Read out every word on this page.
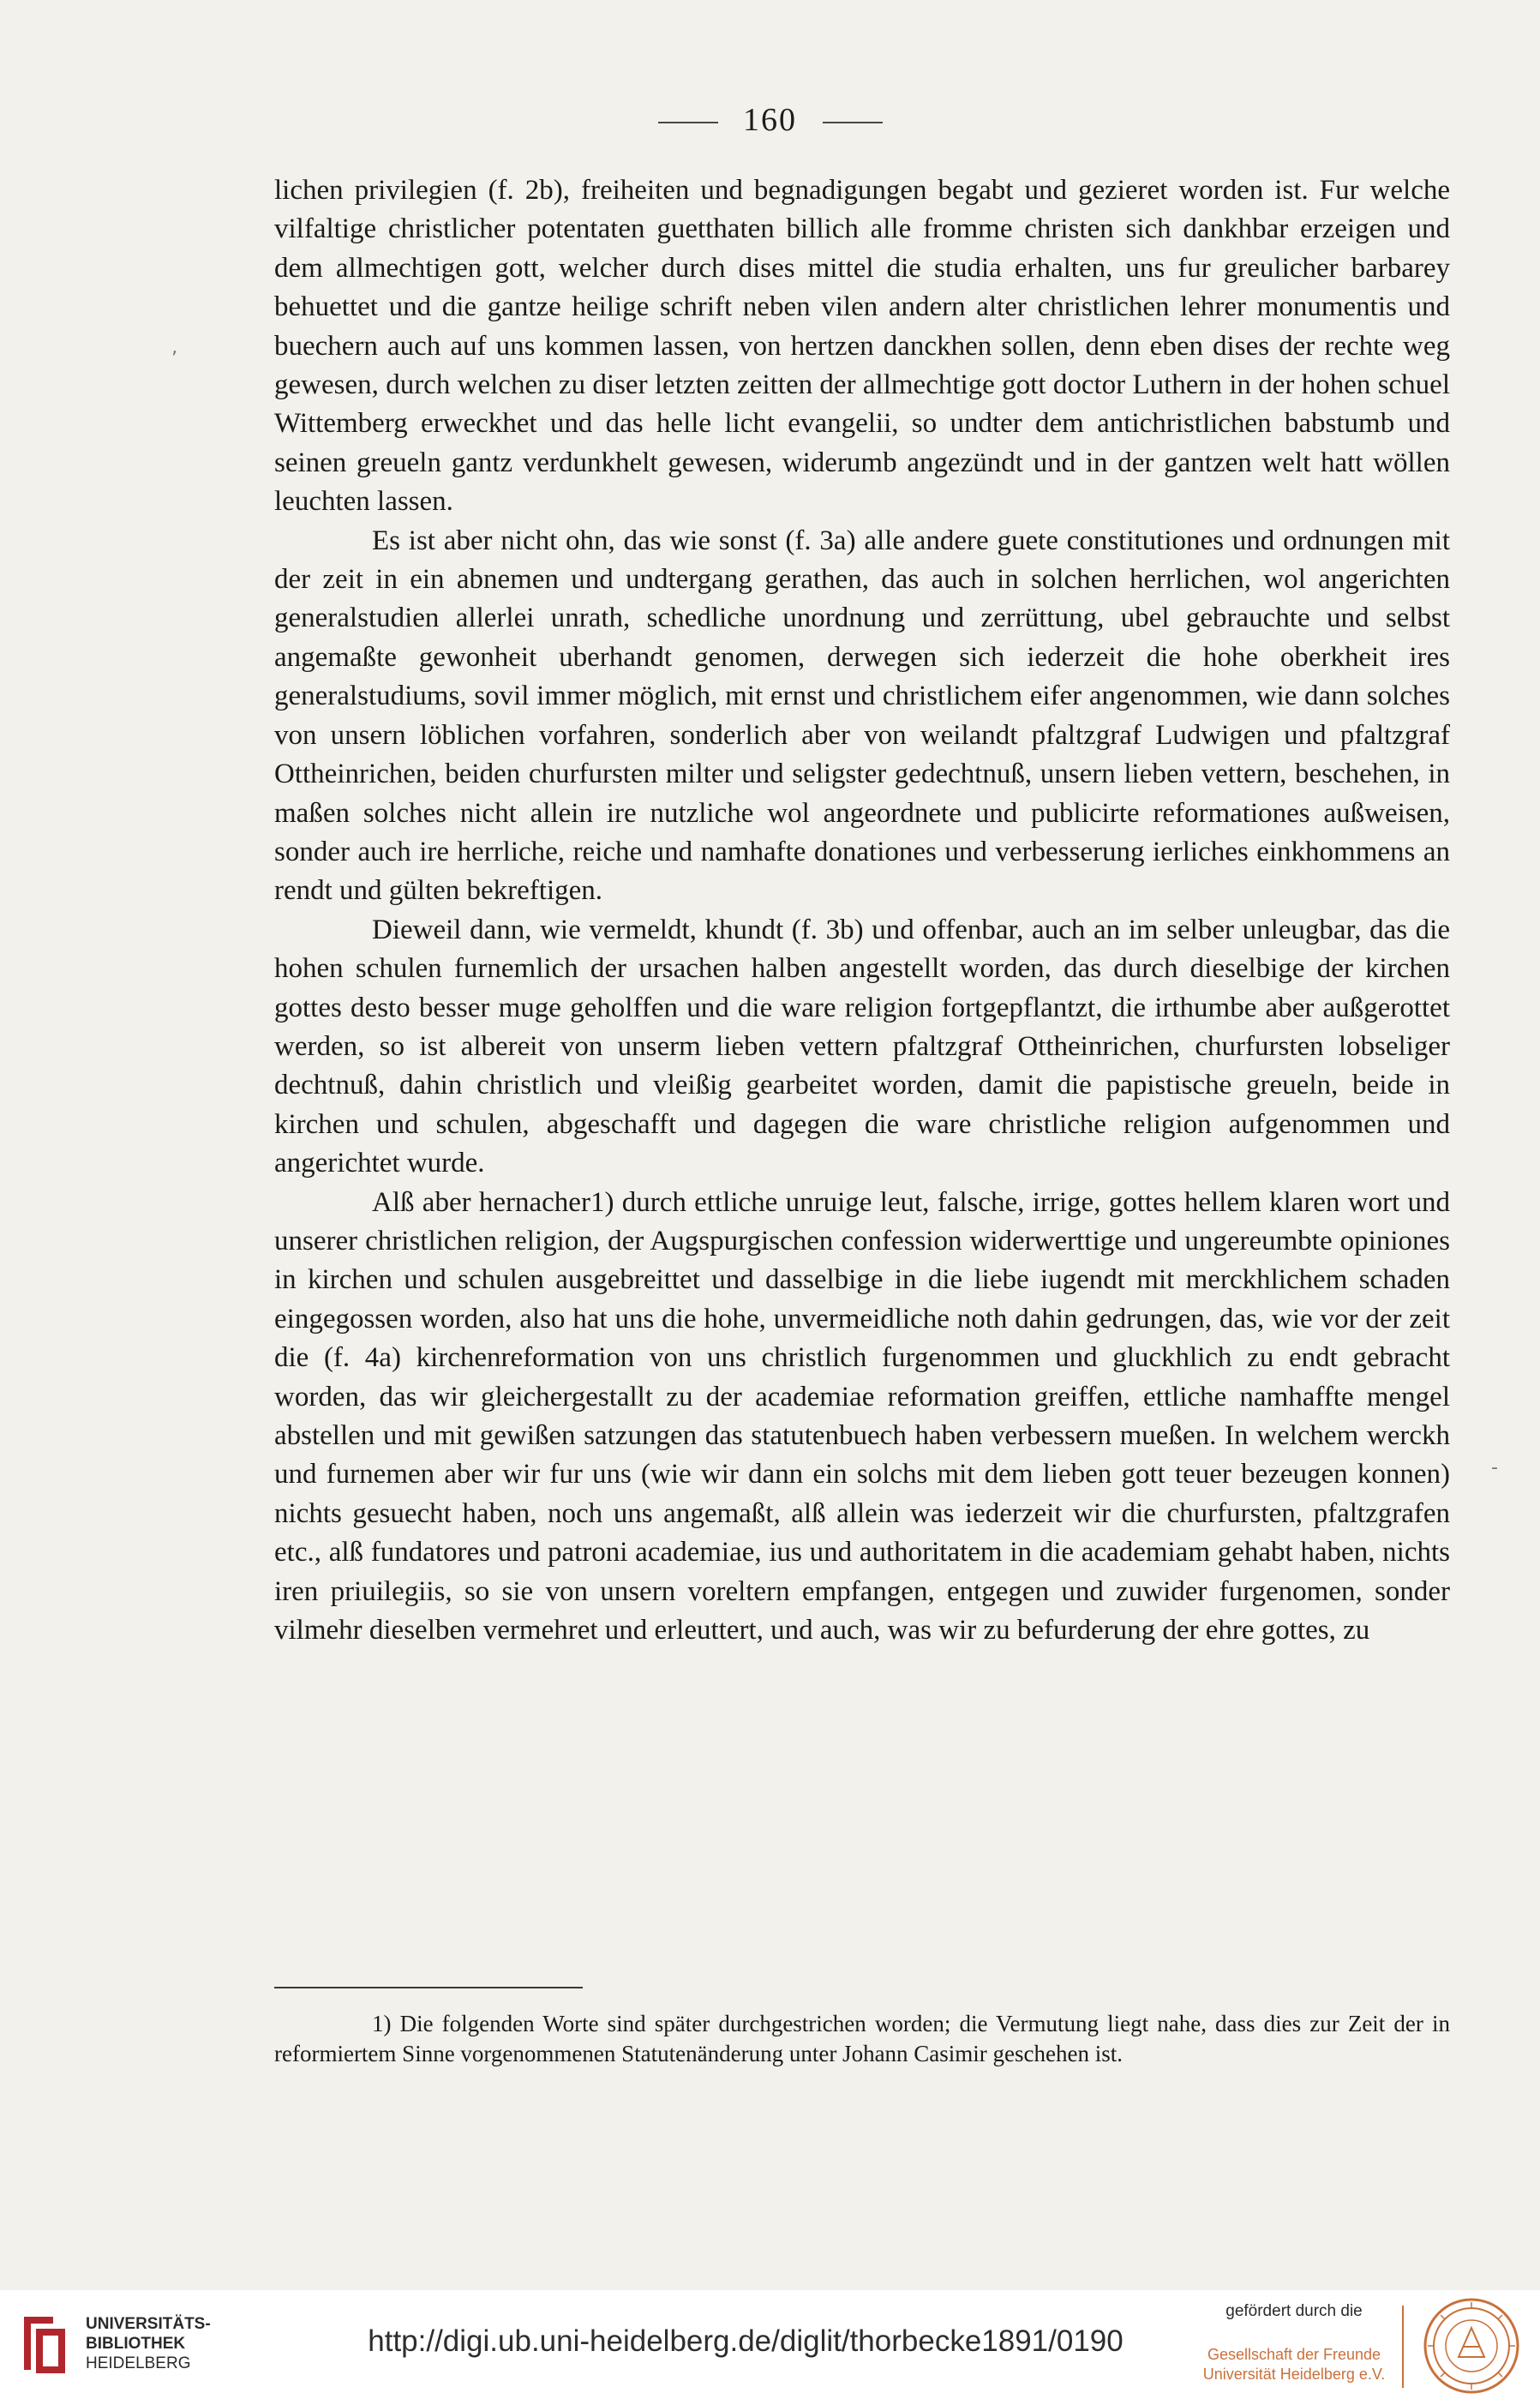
160

lichen privilegien (f. 2b), freiheiten und begnadigungen begabt und gezieret worden ist. Fur welche vilfaltige christlicher potentaten guetthaten billich alle fromme christen sich dankhbar erzeigen und dem allmechtigen gott, welcher durch dises mittel die studia erhalten, uns fur greulicher barbarey behuettet und die gantze heilige schrift neben vilen andern alter christlichen lehrer monumentis und buechern auch auf uns kommen lassen, von hertzen danckhen sollen, denn eben dises der rechte weg gewesen, durch welchen zu diser letzten zeitten der allmechtige gott doctor Luthern in der hohen schuel Wittemberg erweckhet und das helle licht evangelii, so undter dem antichristlichen babstumb und seinen greueln gantz verdunkhelt gewesen, widerumb angezündt und in der gantzen welt hatt wöllen leuchten lassen.

Es ist aber nicht ohn, das wie sonst (f. 3a) alle andere guete constitutiones und ordnungen mit der zeit in ein abnemen und undtergang gerathen, das auch in solchen herrlichen, wol angerichten generalstudien allerlei unrath, schedliche unordnung und zerrüttung, ubel gebrauchte und selbst angemaßte gewonheit uberhandt genomen, derwegen sich iederzeit die hohe oberkheit ires generalstudiums, sovil immer möglich, mit ernst und christlichem eifer angenommen, wie dann solches von unsern löblichen vorfahren, sonderlich aber von weilandt pfaltzgraf Ludwigen und pfaltzgraf Ottheinrichen, beiden churfursten milter und seligster gedechtnuß, unsern lieben vettern, beschehen, in maßen solches nicht allein ire nutzliche wol angeordnete und publicirte reformationes außweisen, sonder auch ire herrliche, reiche und namhafte donationes und verbesserung ierliches einkhommens an rendt und gülten bekreftigen.

Dieweil dann, wie vermeldt, khundt (f. 3b) und offenbar, auch an im selber unleugbar, das die hohen schulen furnemlich der ursachen halben angestellt worden, das durch dieselbige der kirchen gottes desto besser muge geholffen und die ware religion fortgepflantzt, die irthumbe aber außgerottet werden, so ist albereit von unserm lieben vettern pfaltzgraf Ottheinrichen, churfursten lobseliger dechtnuß, dahin christlich und vleißig gearbeitet worden, damit die papistische greueln, beide in kirchen und schulen, abgeschafft und dagegen die ware christliche religion aufgenommen und angerichtet wurde.

Alß aber hernacher1) durch ettliche unruige leut, falsche, irrige, gottes hellem klaren wort und unserer christlichen religion, der Augspurgischen confession widerwerttige und ungereumbte opiniones in kirchen und schulen ausgebreittet und dasselbige in die liebe iugendt mit merckhlichem schaden eingegossen worden, also hat uns die hohe, unvermeidliche noth dahin gedrungen, das, wie vor der zeit die (f. 4a) kirchenreformation von uns christlich furgenommen und gluckhlich zu endt gebracht worden, das wir gleichergestallt zu der academiae reformation greiffen, ettliche namhaffte mengel abstellen und mit gewißen satzungen das statutenbuech haben verbessern mueßen. In welchem werckh und furnemen aber wir fur uns (wie wir dann ein solchs mit dem lieben gott teuer bezeugen konnen) nichts gesuecht haben, noch uns angemaßt, alß allein was iederzeit wir die churfursten, pfaltzgrafen etc., alß fundatores und patroni academiae, ius und authoritatem in die academiam gehabt haben, nichts iren priuilegiis, so sie von unsern voreltern empfangen, entgegen und zuwider furgenomen, sonder vilmehr dieselben vermehret und erleuttert, und auch, was wir zu befurderung der ehre gottes, zu

1) Die folgenden Worte sind später durchgestrichen worden; die Vermutung liegt nahe, dass dies zur Zeit der in reformiertem Sinne vorgenommenen Statutenänderung unter Johann Casimir geschehen ist.

‚
-
UNIVERSITÄTS-
BIBLIOTHEK
HEIDELBERG
http://digi.ub.uni-heidelberg.de/diglit/thorbecke1891/0190
gefördert durch die
Gesellschaft der Freunde
Universität Heidelberg e.V.
